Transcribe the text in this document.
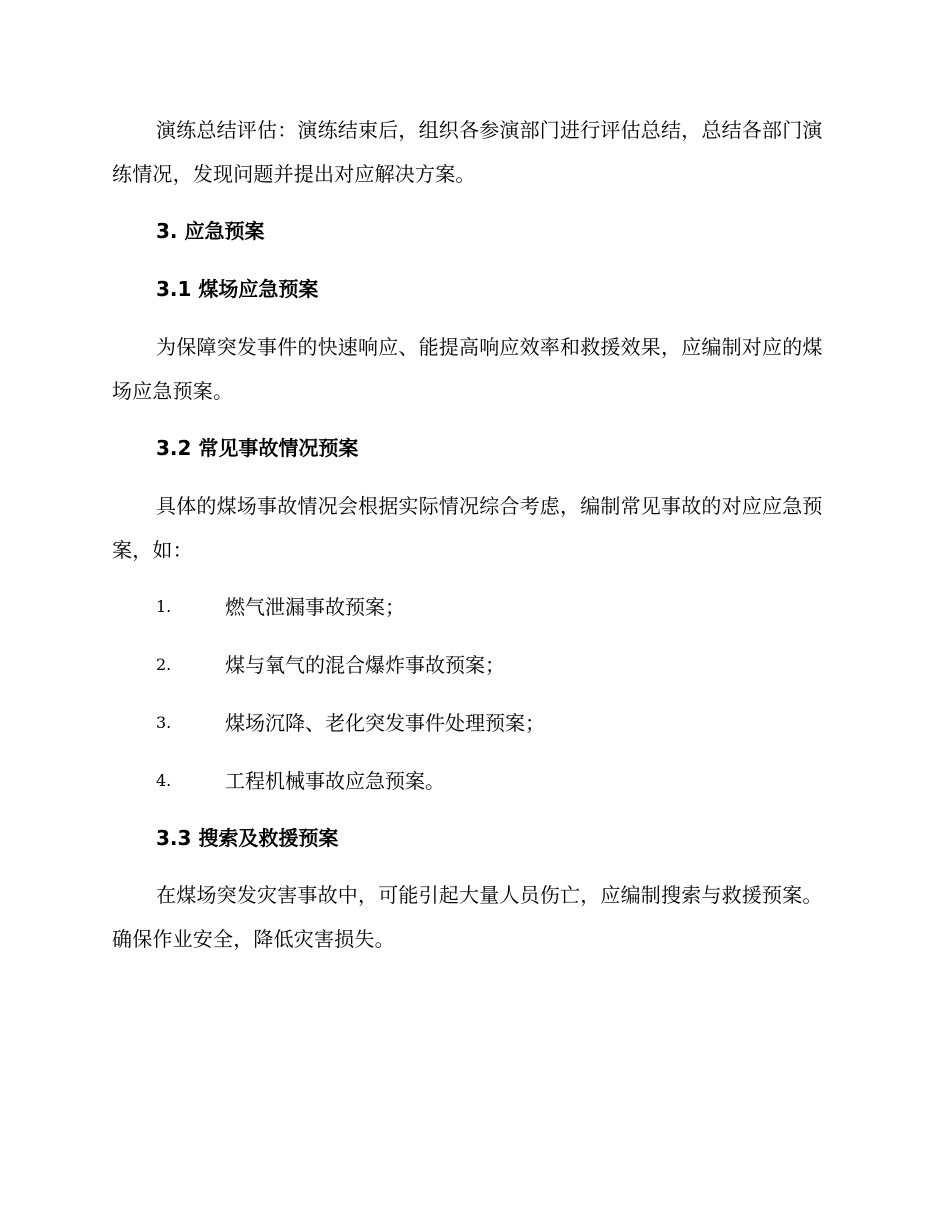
演练总结评估：演练结束后，组织各参演部门进行评估总结，总结各部门演练情况，发现问题并提出对应解决方案。

3. 应急预案
3.1 煤场应急预案

为保障突发事件的快速响应、能提高响应效率和救援效果，应编制对应的煤场应急预案。

3.2 常见事故情况预案

具体的煤场事故情况会根据实际情况综合考虑，编制常见事故的对应应急预案，如：

1.	燃气泄漏事故预案；
2.	煤与氧气的混合爆炸事故预案；
3.	煤场沉降、老化突发事件处理预案；
4.	工程机械事故应急预案。
3.3 搜索及救援预案

在煤场突发灾害事故中，可能引起大量人员伤亡，应编制搜索与救援预案。确保作业安全，降低灾害损失。
